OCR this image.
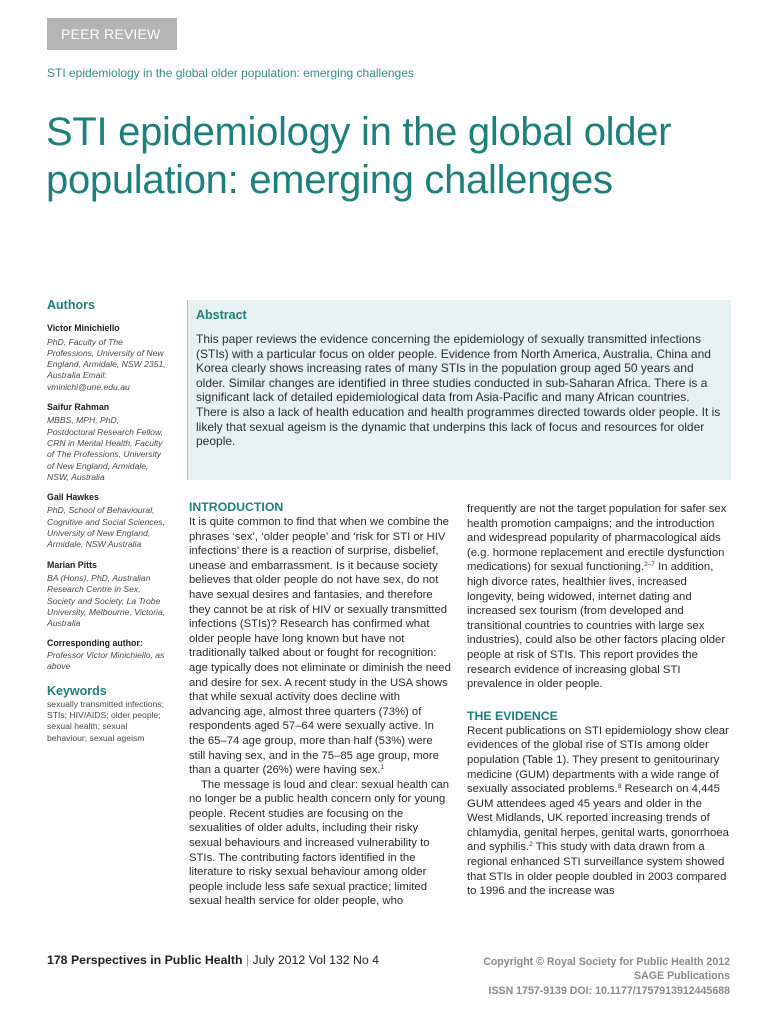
PEER REVIEW
STI epidemiology in the global older population: emerging challenges
STI epidemiology in the global older population: emerging challenges
Authors
Victor Minichiello
PhD, Faculty of The Professions, University of New England, Armidale, NSW 2351, Australia Email: vminichi@une.edu.au
Saifur Rahman
MBBS, MPH, PhD, Postdoctoral Research Fellow, CRN in Mental Health, Faculty of The Professions, University of New England, Armidale, NSW, Australia
Gail Hawkes
PhD, School of Behavioural, Cognitive and Social Sciences, University of New England, Armidale, NSW Australia
Marian Pitts
BA (Hons), PhD, Australian Research Centre in Sex, Society and Society, La Trobe University, Melbourne, Victoria, Australia
Corresponding author:
Professor Victor Minichiello, as above
Keywords
sexually transmitted infections; STIs; HIV/AIDS; older people; sexual health; sexual behaviour; sexual ageism
Abstract

This paper reviews the evidence concerning the epidemiology of sexually transmitted infections (STIs) with a particular focus on older people. Evidence from North America, Australia, China and Korea clearly shows increasing rates of many STIs in the population group aged 50 years and older. Similar changes are identified in three studies conducted in sub-Saharan Africa. There is a significant lack of detailed epidemiological data from Asia-Pacific and many African countries. There is also a lack of health education and health programmes directed towards older people. It is likely that sexual ageism is the dynamic that underpins this lack of focus and resources for older people.

INTRODUCTION

It is quite common to find that when we combine the phrases ‘sex’, ‘older people’ and ‘risk for STI or HIV infections’ there is a reaction of surprise, disbelief, unease and embarrassment. Is it because society believes that older people do not have sex, do not have sexual desires and fantasies, and therefore they cannot be at risk of HIV or sexually transmitted infections (STIs)? Research has confirmed what older people have long known but have not traditionally talked about or fought for recognition: age typically does not eliminate or diminish the need and desire for sex. A recent study in the USA shows that while sexual activity does decline with advancing age, almost three quarters (73%) of respondents aged 57–64 were sexually active. In the 65–74 age group, more than half (53%) were still having sex, and in the 75–85 age group, more than a quarter (26%) were having sex.$^1$

The message is loud and clear: sexual health can no longer be a public health concern only for young people. Recent studies are focusing on the sexualities of older adults, including their risky sexual behaviours and increased vulnerability to STIs. The contributing factors identified in the literature to risky sexual behaviour among older people include less safe sexual practice; limited sexual health service for older people, who

frequently are not the target population for safer sex health promotion campaigns; and the introduction and widespread popularity of pharmacological aids (e.g. hormone replacement and erectile dysfunction medications) for sexual functioning.$^{2-7}$ In addition, high divorce rates, healthier lives, increased longevity, being widowed, internet dating and increased sex tourism (from developed and transitional countries to countries with large sex industries), could also be other factors placing older people at risk of STIs. This report provides the research evidence of increasing global STI prevalence in older people.

THE EVIDENCE

Recent publications on STI epidemiology show clear evidences of the global rise of STIs among older population (Table 1). They present to genitourinary medicine (GUM) departments with a wide range of sexually associated problems.$^8$ Research on 4,445 GUM attendees aged 45 years and older in the West Midlands, UK reported increasing trends of chlamydia, genital herpes, genital warts, gonorrhoea and syphilis.$^2$ This study with data drawn from a regional enhanced STI surveillance system showed that STIs in older people doubled in 2003 compared to 1996 and the increase was

178 Perspectives in Public Health | July 2012 Vol 132 No 4	Copyright © Royal Society for Public Health 2012
SAGE Publications
ISSN 1757-9139 DOI: 10.1177/1757913912445688
